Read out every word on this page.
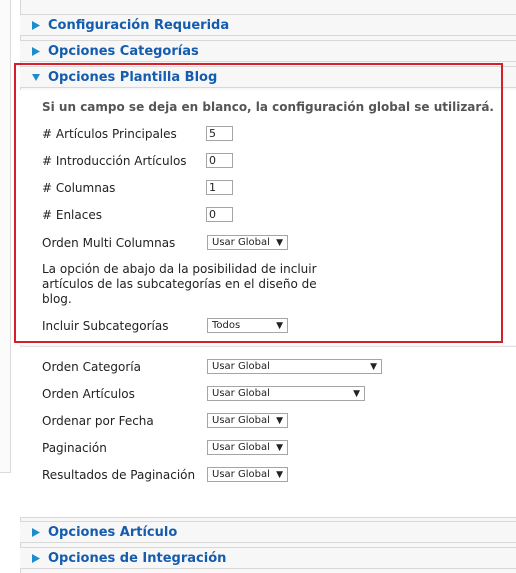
Configuración Requerida
Opciones Categorías
Opciones Plantilla Blog
Si un campo se deja en blanco, la configuración global se utilizará.
# Artículos Principales	5
# Introducción Artículos 0
# Columnas	1
# Enlaces	0
Orden Multi Columnas	Usar Global ▼
La opción de abajo da la posibilidad de incluir artículos de las subcategorías en el diseño de blog.
Incluir Subcategorías	Todos	▼
Orden Categoría	Usar Global	▼
Orden Artículos	Usar Global	▼
Ordenar por Fecha	Usar Global ▼
Paginación	Usar Global ▼
Resultados de Paginación	Usar Global ▼
Opciones Artículo
Opciones de Integración
